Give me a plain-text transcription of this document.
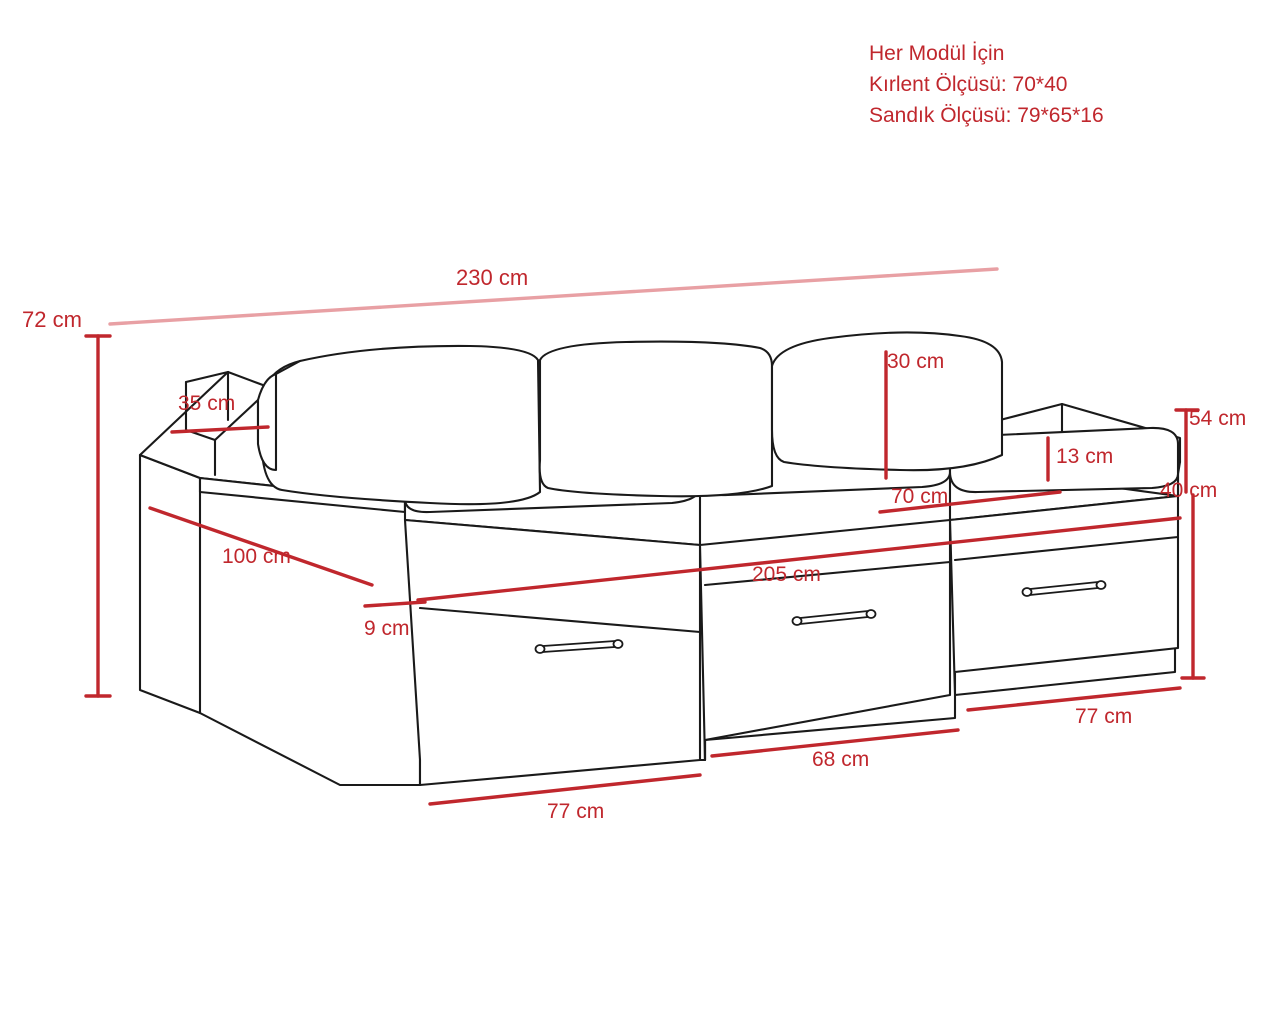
Her Modül İçin
Kırlent Ölçüsü: 70*40
Sandık Ölçüsü: 79*65*16
230 cm
72 cm
35 cm
30 cm
54 cm
13 cm
70 cm	40 cm
100 cm
205 cm
9 cm
77 cm
68 cm
77 cm
